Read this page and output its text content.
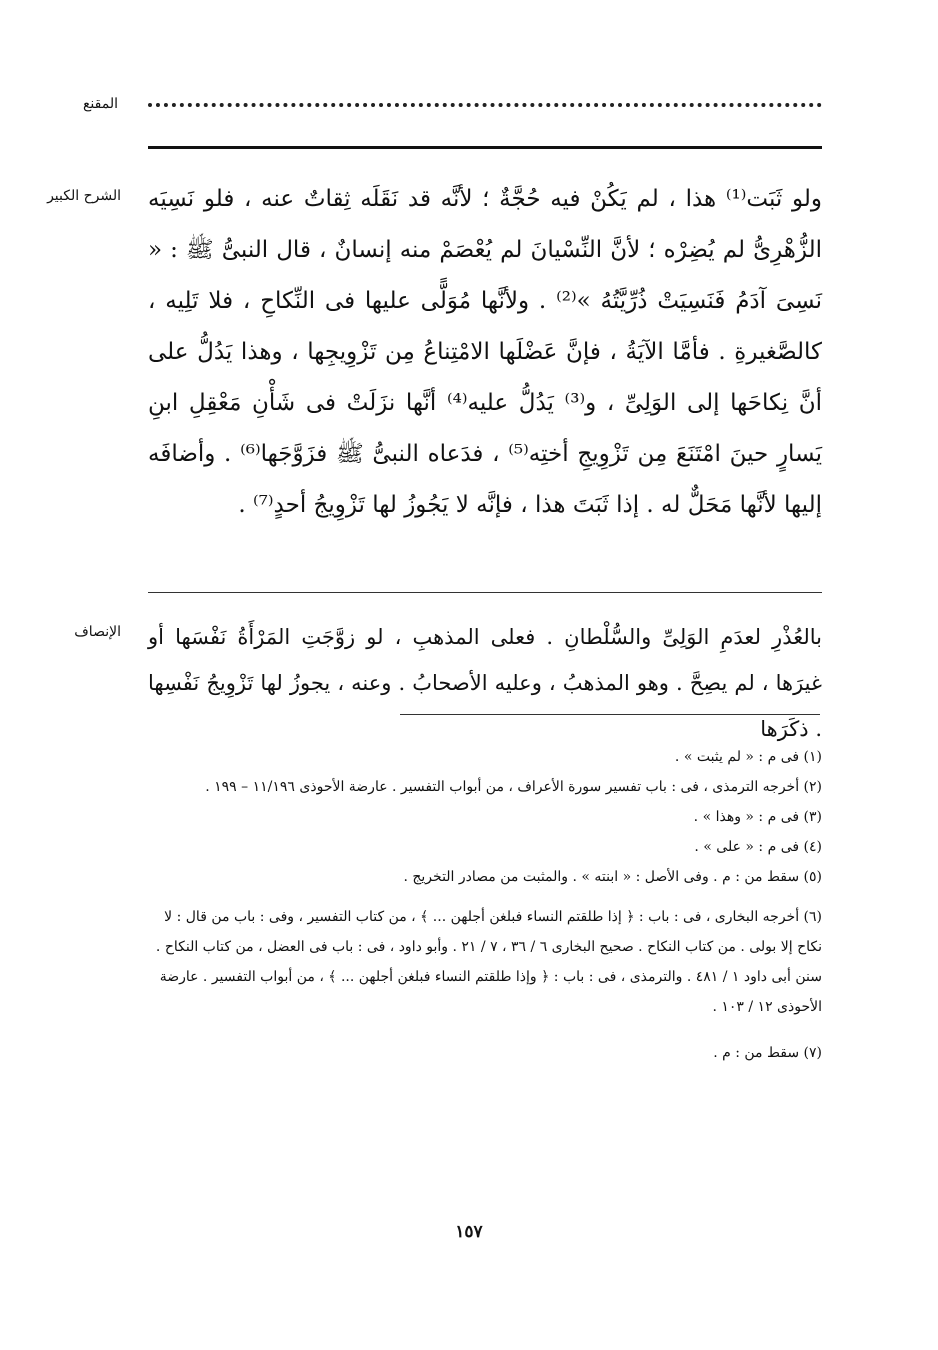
المقنع
الشرح الكبير ولو ثَبَت⁽¹⁾ هذا ، لم يَكُنْ فيه حُجَّةٌ ؛ لأنَّه قد نَقَلَه ثِقاتٌ عنه ، فلو نَسِيَه الزُّهْرِىُّ لم يُضِرْه ؛ لأنَّ النِّسْيانَ لم يُعْصَمْ منه إنسانٌ ، قال النبىُّ ﷺ : « نَسِىَ آدَمُ فَنَسِيَتْ ذُرِّيَّتُهُ »⁽²⁾ . ولأنَّها مُوَلًّى عليها فى النِّكاحِ ، فلا تَلِيه ، كالصَّغيرةِ . فأمَّا الآيَةُ ، فإنَّ عَضْلَها الامْتِناعُ مِن تَزْوِيجِها ، وهذا يَدُلُّ على أنَّ نِكاحَها إلى الوَلِىِّ ، و⁽³⁾ يَدُلُّ عليه⁽⁴⁾ أنَّها نزَلَتْ فى شَأْنِ مَعْقِلِ ابنِ يَسارٍ حينَ امْتَنَعَ مِن تَزْوِيجِ أختِه⁽⁵⁾ ، فدَعاه النبىُّ ﷺ فزَوَّجَها⁽⁶⁾ . وأضافَه إليها لأنَّها مَحَلٌّ له . إذا ثَبَتَ هذا ، فإنَّه لا يَجُوزُ لها تَزْوِيجُ أحدٍ⁽⁷⁾ .
الإنصاف بالعُذْرِ لعدَمِ الوَلِىِّ والسُّلْطانِ . فعلى المذهبِ ، لو زوَّجَتِ المَرْأَةُ نَفْسَها أو غيرَها ، لم يصِحَّ . وهو المذهبُ ، وعليه الأصحابُ . وعنه ، يجوزُ لها تَزْوِيجُ نَفْسِها . ذكَرَها

(١) فى م : « لم يثبت » .

(٢) أخرجه الترمذى ، فى : باب تفسير سورة الأعراف ، من أبواب التفسير . عارضة الأحوذى ١١/١٩٦ – ١٩٩ .

(٣) فى م : « وهذا » .

(٤) فى م : « على » .

(٥) سقط من : م . وفى الأصل : « ابنته » . والمثبت من مصادر التخريج .

(٦) أخرجه البخارى ، فى : باب : ﴿ إذا طلقتم النساء فبلغن أجلهن ... ﴾ ، من كتاب التفسير ، وفى : باب من قال : لا نكاح إلا بولى . من كتاب النكاح . صحيح البخارى ٦ / ٣٦ ، ٧ / ٢١ . وأبو داود ، فى : باب فى العضل ، من كتاب النكاح . سنن أبى داود ١ / ٤٨١ . والترمذى ، فى : باب : ﴿ وإذا طلقتم النساء فبلغن أجلهن ... ﴾ ، من أبواب التفسير . عارضة الأحوذى ١٢ / ١٠٣ .

(٧) سقط من : م .

١٥٧
